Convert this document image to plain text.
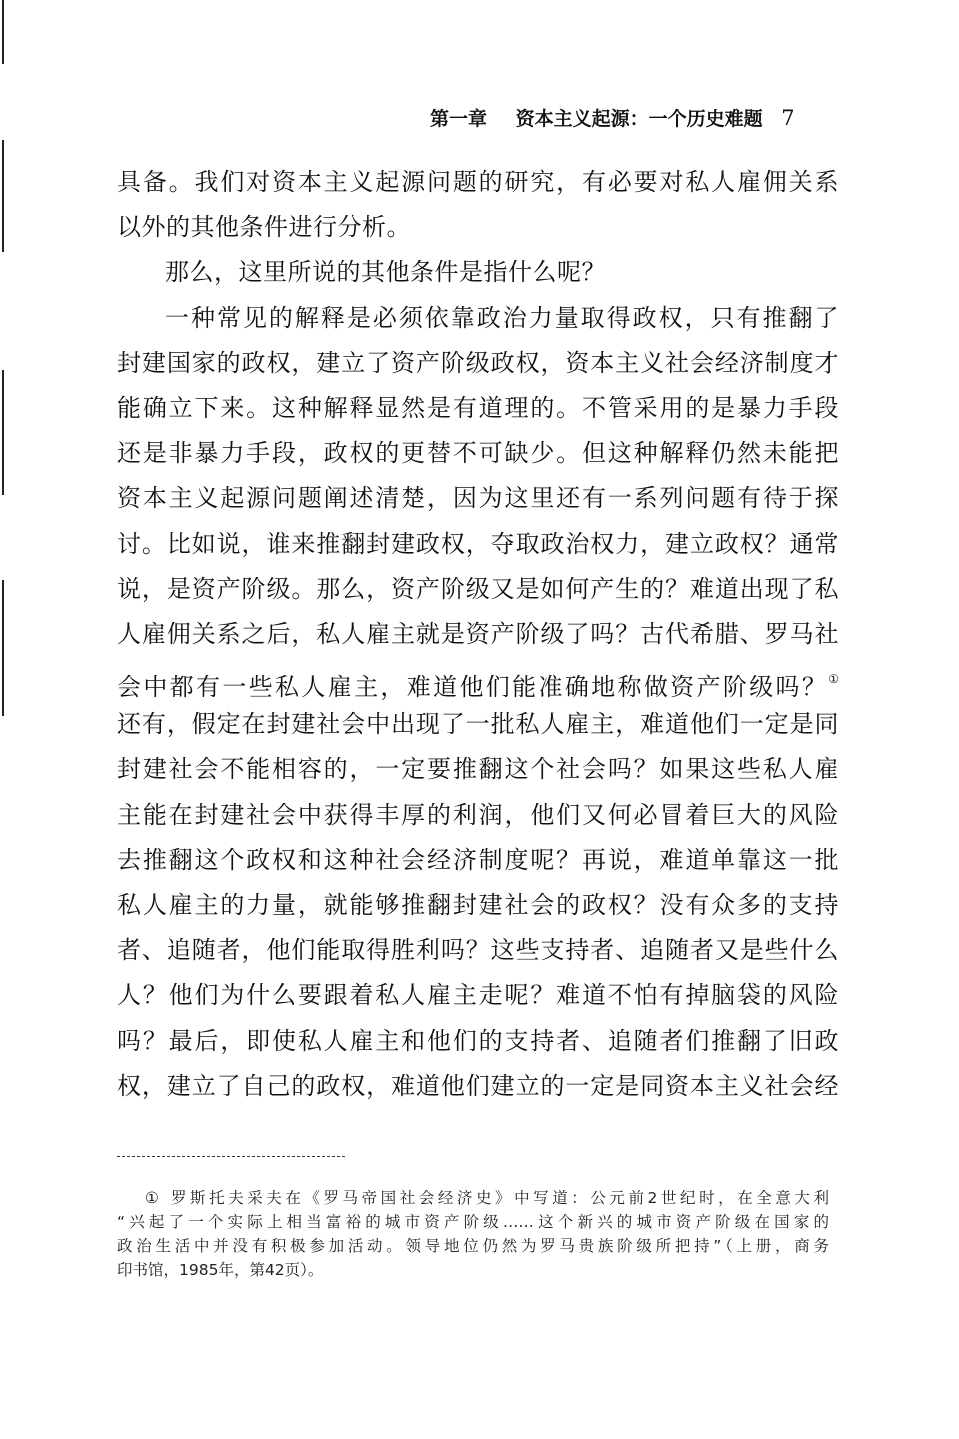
第一章 资本主义起源：一个历史难题 7
具备。我们对资本主义起源问题的研究，有必要对私人雇佣关系
以外的其他条件进行分析。
那么，这里所说的其他条件是指什么呢？
一种常见的解释是必须依靠政治力量取得政权，只有推翻了
封建国家的政权，建立了资产阶级政权，资本主义社会经济制度才
能确立下来。这种解释显然是有道理的。不管采用的是暴力手段
还是非暴力手段，政权的更替不可缺少。但这种解释仍然未能把
资本主义起源问题阐述清楚，因为这里还有一系列问题有待于探
讨。比如说，谁来推翻封建政权，夺取政治权力，建立政权？通常
说，是资产阶级。那么，资产阶级又是如何产生的？难道出现了私
人雇佣关系之后，私人雇主就是资产阶级了吗？古代希腊、罗马社
会中都有一些私人雇主，难道他们能准确地称做资产阶级吗？①
还有，假定在封建社会中出现了一批私人雇主，难道他们一定是同
封建社会不能相容的，一定要推翻这个社会吗？如果这些私人雇
主能在封建社会中获得丰厚的利润，他们又何必冒着巨大的风险
去推翻这个政权和这种社会经济制度呢？再说，难道单靠这一批
私人雇主的力量，就能够推翻封建社会的政权？没有众多的支持
者、追随者，他们能取得胜利吗？这些支持者、追随者又是些什么
人？他们为什么要跟着私人雇主走呢？难道不怕有掉脑袋的风险
吗？最后，即使私人雇主和他们的支持者、追随者们推翻了旧政
权，建立了自己的政权，难道他们建立的一定是同资本主义社会经
① 罗斯托夫采夫在《罗马帝国社会经济史》中写道：公元前2世纪时，在全意大利
“兴起了一个实际上相当富裕的城市资产阶级……这个新兴的城市资产阶级在国家的
政治生活中并没有积极参加活动。领导地位仍然为罗马贵族阶级所把持”（上册，商务
印书馆，1985年，第42页）。
